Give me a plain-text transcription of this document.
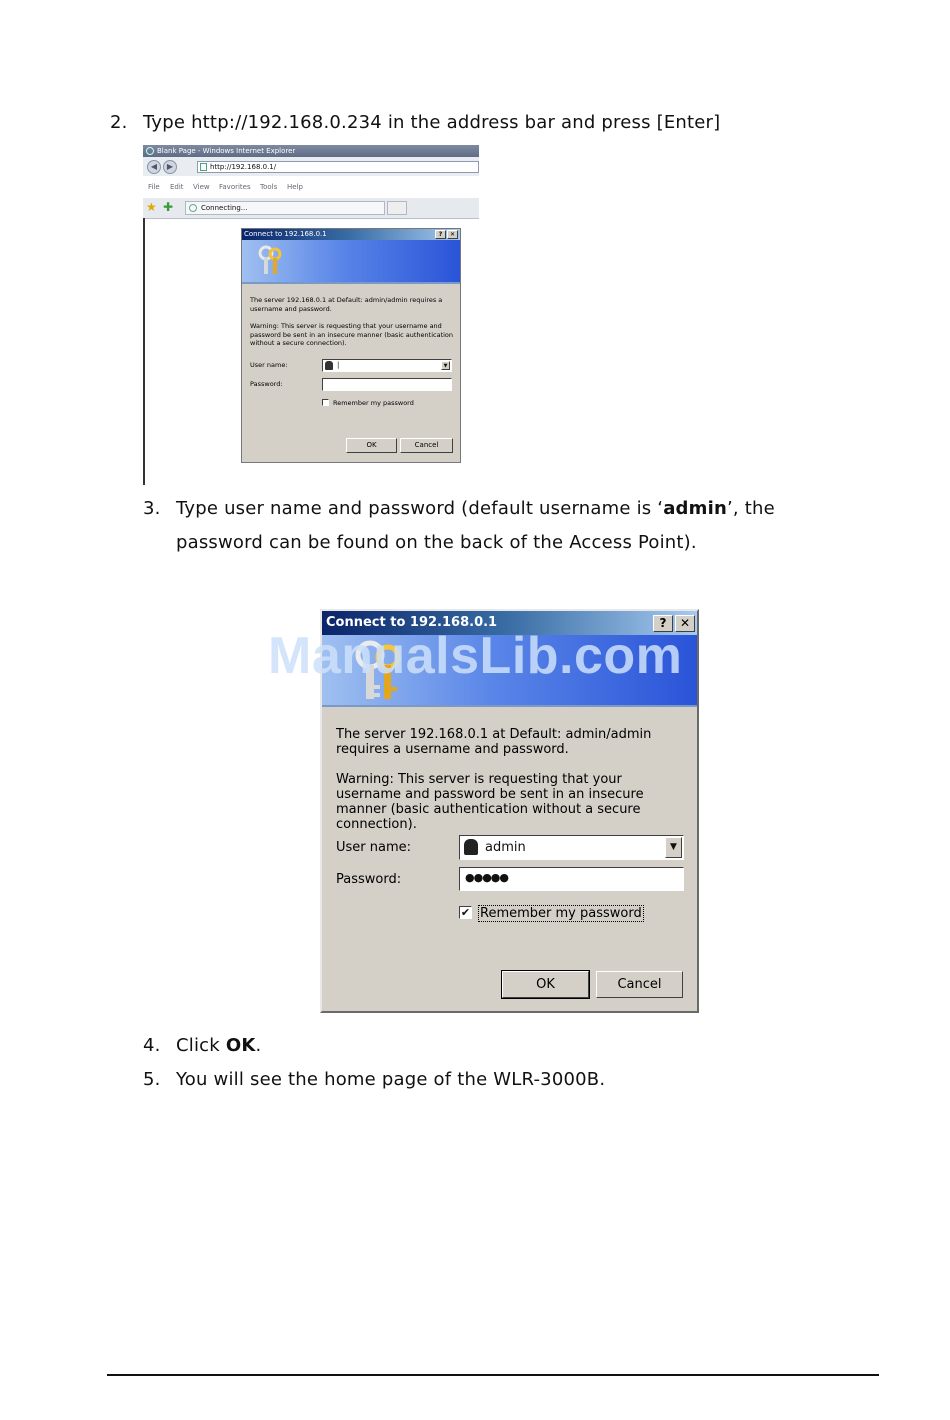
2. Type http://192.168.0.234 in the address bar and press [Enter]
Blank Page - Windows Internet Explorer
◀	▶	http://192.168.0.1/
File Edit View Favorites Tools Help
★ ✚	Connecting...
Connect to 192.168.0.1	?	✕
The server 192.168.0.1 at Default: admin/admin requires a username and password.
Warning: This server is requesting that your username and password be sent in an insecure manner (basic authentication without a secure connection).
User name:	|	▼
Password:
Remember my password
OK	Cancel
3. Type user name and password (default username is ‘admin’, the
password can be found on the back of the Access Point).
Connect to 192.168.0.1	?	✕
The server 192.168.0.1 at Default: admin/admin requires a username and password.
Warning: This server is requesting that your username and password be sent in an insecure manner (basic authentication without a secure connection).
User name:	admin	▼
Password:	●●●●●
✔ Remember my password
OK	Cancel
ManualsLib.com
4. Click OK.
5. You will see the home page of the WLR-3000B.
